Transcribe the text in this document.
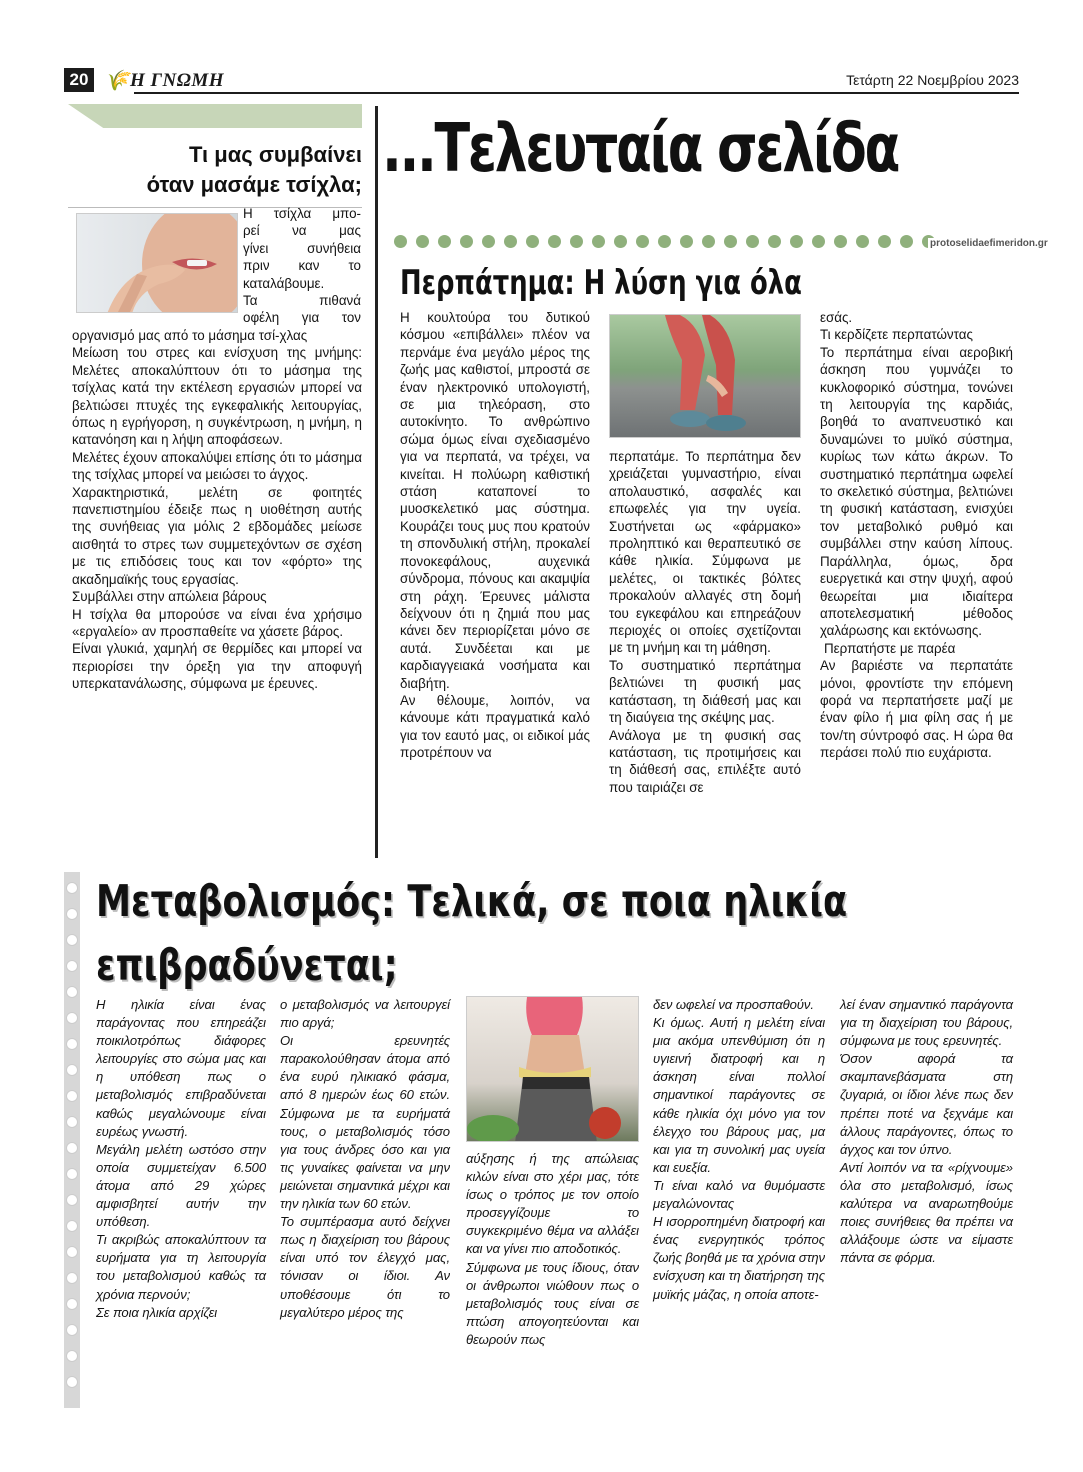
20 🌾 Η ΓΝΩΜΗ	Τετάρτη 22 Νοεμβρίου 2023
Τι μας συμβαίνει
όταν μασάμε τσίχλα;

Η τσίχλα μπο-

ρεί να μας

γίνει συνήθεια

πριν καν το

καταλάβουμε.

Τα πιθανά

οφέλη για τον

οργανισμό μας από το μάσημα τσί-χλας

Μείωση του στρες και ενίσχυση της μνήμης: Μελέτες αποκαλύπτουν ότι το μάσημα της τσίχλας κατά την εκτέλεση εργασιών μπορεί να βελτιώσει πτυχές της εγκεφαλικής λειτουργίας, όπως η εγρήγορση, η συγκέντρωση, η μνήμη, η κατανόηση και η λήψη αποφάσεων.

Μελέτες έχουν αποκαλύψει επίσης ότι το μάσημα της τσίχλας μπορεί να μειώσει το άγχος.

Χαρακτηριστικά, μελέτη σε φοιτητές πανεπιστημίου έδειξε πως η υιοθέτηση αυτής της συνήθειας για μόλις 2 εβδομάδες μείωσε αισθητά το στρες των συμμετεχόντων σε σχέση με τις επιδόσεις τους και τον «φόρτο» της ακαδημαϊκής τους εργασίας.

Συμβάλλει στην απώλεια βάρους

Η τσίχλα θα μπορούσε να είναι ένα χρήσιμο «εργαλείο» αν προσπαθείτε να χάσετε βάρος.

Είναι γλυκιά, χαμηλή σε θερμίδες και μπορεί να περιορίσει την όρεξη για την αποφυγή υπερκατανάλωσης, σύμφωνα με έρευνες.

...Τελευταία σελίδα
protoselidaefimeridon.gr
Περπάτημα: Η λύση για όλα

Η κουλτούρα του δυτικού κόσμου «επιβάλλει» πλέον να περνάμε ένα μεγάλο μέρος της ζωής μας καθιστοί, μπροστά σε έναν ηλεκτρονικό υπολογιστή, σε μια τηλεόραση, στο αυτοκίνητο. Το ανθρώπινο σώμα όμως είναι σχεδιασμένο για να περπατά, να τρέχει, να κινείται. Η πολύωρη καθιστική στάση καταπονεί το μυοσκελετικό μας σύστημα. Κουράζει τους μυς που κρατούν τη σπονδυλική στήλη, προκαλεί πονοκεφάλους, αυχενικά σύνδρομα, πόνους και ακαμψία στη ράχη. Έρευνες μάλιστα δείχνουν ότι η ζημιά που μας κάνει δεν περιορίζεται μόνο σε αυτά. Συνδέεται και με καρδιαγγειακά νοσήματα και διαβήτη.

Αν θέλουμε, λοιπόν, να κάνουμε κάτι πραγματικά καλό για τον εαυτό μας, οι ειδικοί μάς προτρέπουν να

περπατάμε. Το περπάτημα δεν χρειάζεται γυμναστήριο, είναι απολαυστικό, ασφαλές και επωφελές για την υγεία. Συστήνεται ως «φάρμακο» προληπτικό και θεραπευτικό σε κάθε ηλικία. Σύμφωνα με μελέτες, οι τακτικές βόλτες προκαλούν αλλαγές στη δομή του εγκεφάλου και επηρεάζουν περιοχές οι οποίες σχετίζονται με τη μνήμη και τη μάθηση.

Το συστηματικό περπάτημα βελτιώνει τη φυσική μας κατάσταση, τη διάθεσή μας και τη διαύγεια της σκέψης μας.

Ανάλογα με τη φυσική σας κατάσταση, τις προτιμήσεις και τη διάθεσή σας, επιλέξτε αυτό που ταιριάζει σε

εσάς.

Τι κερδίζετε περπατώντας

Το περπάτημα είναι αεροβική άσκηση που γυμνάζει το κυκλοφορικό σύστημα, τονώνει τη λειτουργία της καρδιάς, βοηθά το αναπνευστικό και δυναμώνει το μυϊκό σύστημα, κυρίως των κάτω άκρων. Το συστηματικό περπάτημα ωφελεί το σκελετικό σύστημα, βελτιώνει τη φυσική κατάσταση, ενισχύει τον μεταβολικό ρυθμό και συμβάλλει στην καύση λίπους. Παράλληλα, όμως, δρα ευεργετικά και στην ψυχή, αφού θεωρείται μια ιδιαίτερα αποτελεσματική μέθοδος χαλάρωσης και εκτόνωσης.

Περπατήστε με παρέα

Αν βαριέστε να περπατάτε μόνοι, φροντίστε την επόμενη φορά να περπατήσετε μαζί με έναν φίλο ή μια φίλη σας ή με τον/τη σύντροφό σας. Η ώρα θα περάσει πολύ πιο ευχάριστα.

Μεταβολισμός: Τελικά, σε ποια ηλικία
επιβραδύνεται;

Η ηλικία είναι ένας παράγοντας που επηρεάζει ποικιλοτρόπως διάφορες λειτουργίες στο σώμα μας και η υπόθεση πως ο μεταβολισμός επιβραδύνεται καθώς μεγαλώνουμε είναι ευρέως γνωστή.

Μεγάλη μελέτη ωστόσο στην οποία συμμετείχαν 6.500 άτομα από 29 χώρες αμφισβητεί αυτήν την υπόθεση.

Τι ακριβώς αποκαλύπτουν τα ευρήματα για τη λειτουργία του μεταβολισμού καθώς τα χρόνια περνούν;

Σε ποια ηλικία αρχίζει

ο μεταβολισμός να λειτουργεί πιο αργά;

Οι ερευνητές παρακολούθησαν άτομα από ένα ευρύ ηλικιακό φάσμα, από 8 ημερών έως 60 ετών. Σύμφωνα με τα ευρήματά τους, ο μεταβολισμός τόσο για τους άνδρες όσο και για τις γυναίκες φαίνεται να μην μειώνεται σημαντικά μέχρι και την ηλικία των 60 ετών.

Το συμπέρασμα αυτό δείχνει πως η διαχείριση του βάρους είναι υπό τον έλεγχό μας, τόνισαν οι ίδιοι. Αν υποθέσουμε ότι το μεγαλύτερο μέρος της

αύξησης ή της απώλειας κιλών είναι στο χέρι μας, τότε ίσως ο τρόπος με τον οποίο προσεγγίζουμε το συγκεκριμένο θέμα να αλλάξει και να γίνει πιο αποδοτικός.

Σύμφωνα με τους ίδιους, όταν οι άνθρωποι νιώθουν πως ο μεταβολισμός τους είναι σε πτώση απογοητεύονται και θεωρούν πως

δεν ωφελεί να προσπαθούν.

Κι όμως. Αυτή η μελέτη είναι μια ακόμα υπενθύμιση ότι η υγιεινή διατροφή και η άσκηση είναι πολλοί σημαντικοί παράγοντες σε κάθε ηλικία όχι μόνο για τον έλεγχο του βάρους μας, μα και για τη συνολική μας υγεία και ευεξία.

Τι είναι καλό να θυμόμαστε μεγαλώνοντας

Η ισορροπημένη διατροφή και ένας ενεργητικός τρόπος ζωής βοηθά με τα χρόνια στην ενίσχυση και τη διατήρηση της μυϊκής μάζας, η οποία αποτε-

λεί έναν σημαντικό παράγοντα για τη διαχείριση του βάρους, σύμφωνα με τους ερευνητές.

Όσον αφορά τα σκαμπανεβάσματα στη ζυγαριά, οι ίδιοι λένε πως δεν πρέπει ποτέ να ξεχνάμε και άλλους παράγοντες, όπως το άγχος και τον ύπνο.

Αντί λοιπόν να τα «ρίχνουμε» όλα στο μεταβολισμό, ίσως καλύτερα να αναρωτηθούμε ποιες συνήθειες θα πρέπει να αλλάξουμε ώστε να είμαστε πάντα σε φόρμα.
